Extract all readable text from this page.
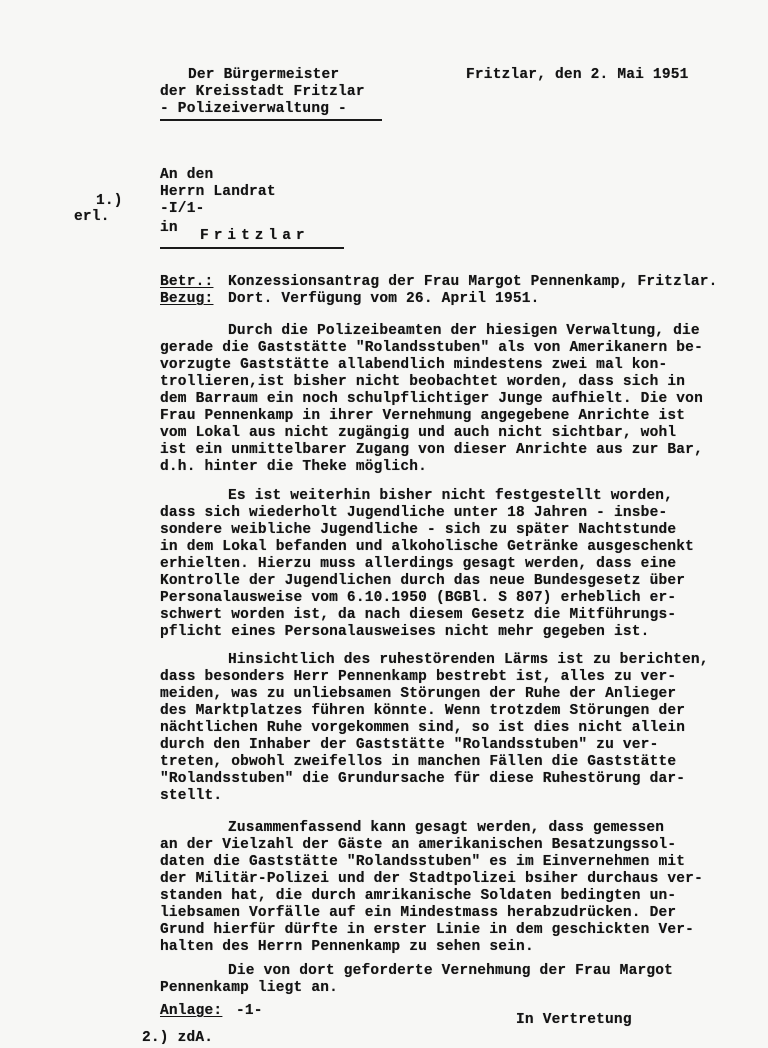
Der Bürgermeister
der Kreisstadt Fritzlar
- Polizeiverwaltung -
Fritzlar, den 2. Mai 1951
An den
Herrn Landrat
-I/1-
in Fritzlar
1.)
erl.
Betr.: Konzessionsantrag der Frau Margot Pennenkamp, Fritzlar.
Bezug: Dort. Verfügung vom 26. April 1951.
Durch die Polizeibeamten der hiesigen Verwaltung, die
gerade die Gaststätte "Rolandsstuben" als von Amerikanern be-
vorzugte Gaststätte allabendlich mindestens zwei mal kon-
trollieren,ist bisher nicht beobachtet worden, dass sich in
dem Barraum ein noch schulpflichtiger Junge aufhielt. Die von
Frau Pennenkamp in ihrer Vernehmung angegebene Anrichte ist
vom Lokal aus nicht zugängig und auch nicht sichtbar, wohl
ist ein unmittelbarer Zugang von dieser Anrichte aus zur Bar,
d.h. hinter die Theke möglich.
Es ist weiterhin bisher nicht festgestellt worden,
dass sich wiederholt Jugendliche unter 18 Jahren - insbe-
sondere weibliche Jugendliche - sich zu später Nachtstunde
in dem Lokal befanden und alkoholische Getränke ausgeschenkt
erhielten. Hierzu muss allerdings gesagt werden, dass eine
Kontrolle der Jugendlichen durch das neue Bundesgesetz über
Personalausweise vom 6.10.1950 (BGBl. S 807) erheblich er-
schwert worden ist, da nach diesem Gesetz die Mitführungs-
pflicht eines Personalausweises nicht mehr gegeben ist.
Hinsichtlich des ruhestörenden Lärms ist zu berichten,
dass besonders Herr Pennenkamp bestrebt ist, alles zu ver-
meiden, was zu unliebsamen Störungen der Ruhe der Anlieger
des Marktplatzes führen könnte. Wenn trotzdem Störungen der
nächtlichen Ruhe vorgekommen sind, so ist dies nicht allein
durch den Inhaber der Gaststätte "Rolandsstuben" zu ver-
treten, obwohl zweifellos in manchen Fällen die Gaststätte
"Rolandsstuben" die Grundursache für diese Ruhestörung dar-
stellt.
Zusammenfassend kann gesagt werden, dass gemessen
an der Vielzahl der Gäste an amerikanischen Besatzungssol-
daten die Gaststätte "Rolandsstuben" es im Einvernehmen mit
der Militär-Polizei und der Stadtpolizei bsiher durchaus ver-
standen hat, die durch amrikanische Soldaten bedingten un-
liebsamen Vorfälle auf ein Mindestmass herabzudrücken. Der
Grund hierfür dürfte in erster Linie in dem geschickten Ver-
halten des Herrn Pennenkamp zu sehen sein.
Die von dort geforderte Vernehmung der Frau Margot
Pennenkamp liegt an.
Anlage: -1-
In Vertretung
2.) zdA.
